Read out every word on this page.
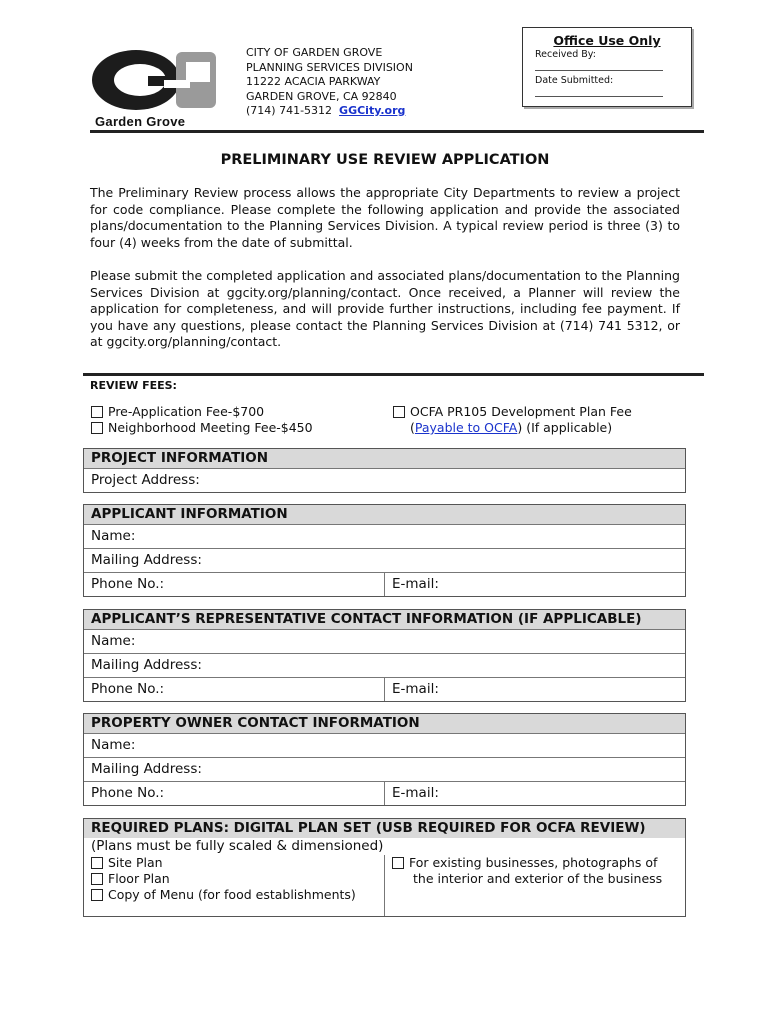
Garden Grove
CITY OF GARDEN GROVE
PLANNING SERVICES DIVISION
11222 ACACIA PARKWAY
GARDEN GROVE, CA 92840
(714) 741-5312 GGCity.org
Office Use Only
Received By:
Date Submitted:
PRELIMINARY USE REVIEW APPLICATION
The Preliminary Review process allows the appropriate City Departments to review a project for code compliance. Please complete the following application and provide the associated plans/documentation to the Planning Services Division. A typical review period is three (3) to four (4) weeks from the date of submittal.
Please submit the completed application and associated plans/documentation to the Planning Services Division at ggcity.org/planning/contact. Once received, a Planner will review the application for completeness, and will provide further instructions, including fee payment. If you have any questions, please contact the Planning Services Division at (714) 741 5312, or at ggcity.org/planning/contact.
REVIEW FEES:
Pre-Application Fee-$700
Neighborhood Meeting Fee-$450
OCFA PR105 Development Plan Fee
(Payable to OCFA) (If applicable)
PROJECT INFORMATION
Project Address:
APPLICANT INFORMATION
Name:
Mailing Address:
Phone No.:	E-mail:
APPLICANT’S REPRESENTATIVE CONTACT INFORMATION (IF APPLICABLE)
Name:
Mailing Address:
Phone No.:	E-mail:
PROPERTY OWNER CONTACT INFORMATION
Name:
Mailing Address:
Phone No.:	E-mail:
REQUIRED PLANS: DIGITAL PLAN SET (USB REQUIRED FOR OCFA REVIEW)
(Plans must be fully scaled & dimensioned)
Site Plan
Floor Plan
Copy of Menu (for food establishments)
For existing businesses, photographs of
the interior and exterior of the business
